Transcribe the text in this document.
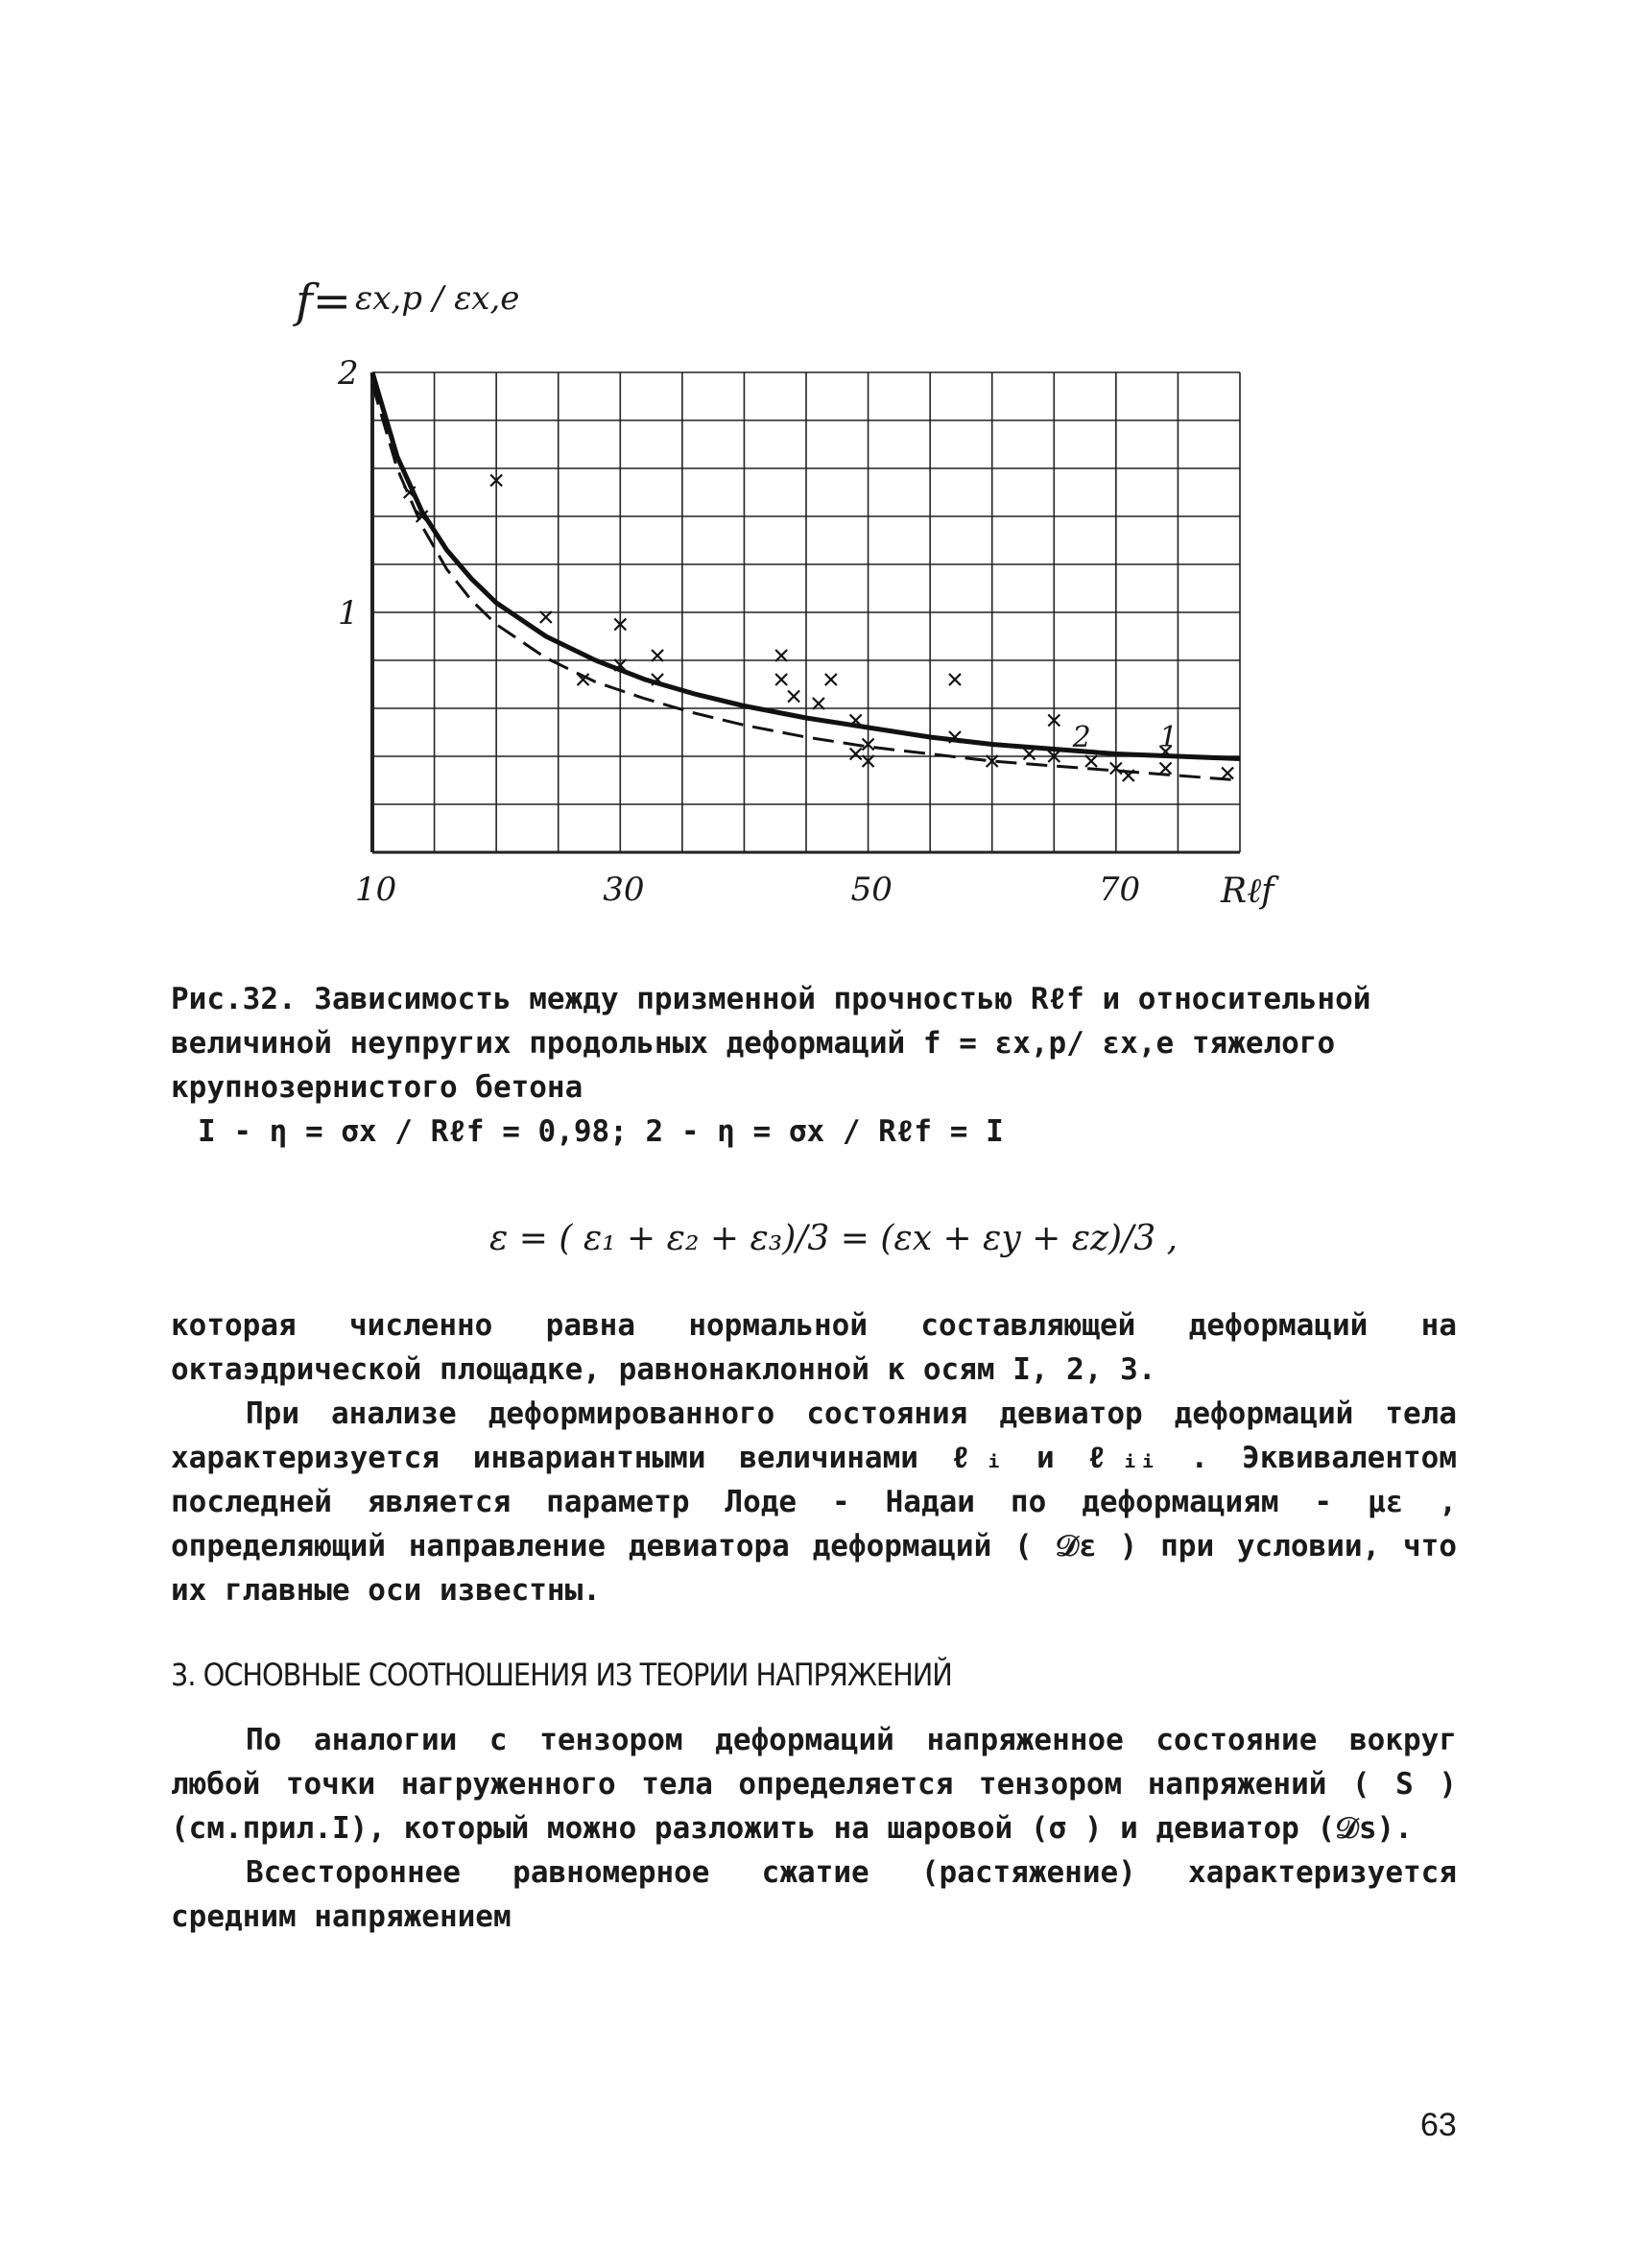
f= εx,p / εx,e
1
2
10	30	50	70 Rℓf
2 1
Рис.32. Зависимость между призменной прочностью Rℓf и относительной
величиной неупругих продольных деформаций f = εx,p/ εx,e тяжелого
крупнозернистого бетона
I - η = σx / Rℓf = 0,98; 2 - η = σx / Rℓf = I
ε = ( ε₁ + ε₂ + ε₃)/3 = (εx + εy + εz)/3 ,
которая численно равна нормальной составляющей деформаций на октаэдрической площадке, равнонаклонной к осям I, 2, 3.
При анализе деформированного состояния девиатор деформаций тела характеризуется инвариантными величинами ℓᵢ и ℓᵢᵢ . Эквивалентом последней является параметр Лоде - Надаи по деформациям - μɛ , определяющий направление девиатора деформаций ( 𝒟ɛ ) при условии, что их главные оси известны.
3. ОСНОВНЫЕ СООТНОШЕНИЯ ИЗ ТЕОРИИ НАПРЯЖЕНИЙ
По аналогии с тензором деформаций напряженное состояние вокруг любой точки нагруженного тела определяется тензором напряжений ( S ) (см.прил.I), который можно разложить на шаровой (σ ) и девиатор (𝒟s).
Всестороннее равномерное сжатие (растяжение) характеризуется средним напряжением
63
